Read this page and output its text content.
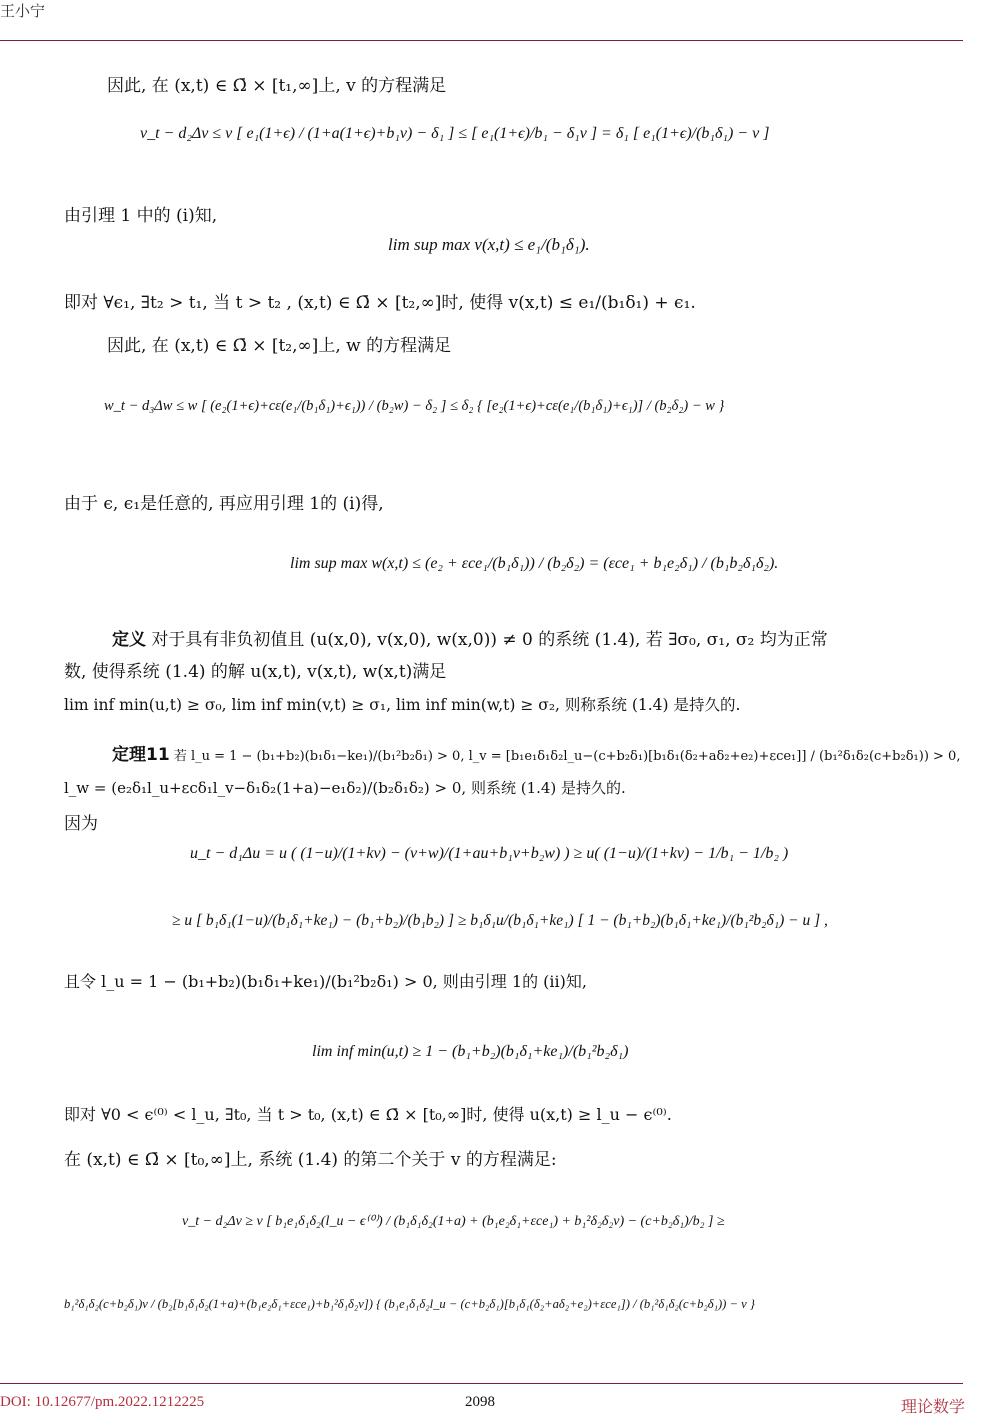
王小宁
因此, 在 (x,t) ∈ Ω̄ × [t₁,∞]上, v 的方程满足
v_t − d₂Δv ≤ v [ e₁(1+ϵ) / (1+a(1+ϵ)+b₁v) − δ₁ ] ≤ [ e₁(1+ϵ)/b₁ − δ₁v ] = δ₁ [ e₁(1+ϵ)/(b₁δ₁) − v ]
由引理 1 中的 (i)知,
lim sup max v(x,t) ≤ e₁/(b₁δ₁).
即对 ∀ϵ₁, ∃t₂ > t₁, 当 t > t₂ , (x,t) ∈ Ω̄ × [t₂,∞]时, 使得 v(x,t) ≤ e₁/(b₁δ₁) + ϵ₁.
因此, 在 (x,t) ∈ Ω̄ × [t₂,∞]上, w 的方程满足
w_t − d₃Δw ≤ w [ (e₂(1+ϵ)+cε(e₁/(b₁δ₁)+ϵ₁)) / (b₂w) − δ₂ ] ≤ δ₂ { [e₂(1+ϵ)+cε(e₁/(b₁δ₁)+ϵ₁)] / (b₂δ₂) − w }
由于 ϵ, ϵ₁是任意的, 再应用引理 1的 (i)得,
lim sup max w(x,t) ≤ (e₂ + εce₁/(b₁δ₁)) / (b₂δ₂) = (εce₁ + b₁e₂δ₁) / (b₁b₂δ₁δ₂).
定义 对于具有非负初值且 (u(x,0), v(x,0), w(x,0)) ≠ 0 的系统 (1.4), 若 ∃σ₀, σ₁, σ₂ 均为正常
数, 使得系统 (1.4) 的解 u(x,t), v(x,t), w(x,t)满足
lim inf min(u,t) ≥ σ₀, lim inf min(v,t) ≥ σ₁, lim inf min(w,t) ≥ σ₂, 则称系统 (1.4) 是持久的.
定理11 若 l_u = 1 − (b₁+b₂)(b₁δ₁−ke₁)/(b₁²b₂δ₁) > 0, l_v = [b₁e₁δ₁δ₂l_u−(c+b₂δ₁)[b₁δ₁(δ₂+aδ₂+e₂)+εce₁]] / (b₁²δ₁δ₂(c+b₂δ₁)) > 0,
l_w = (e₂δ₁l_u+εcδ₁l_v−δ₁δ₂(1+a)−e₁δ₂)/(b₂δ₁δ₂) > 0, 则系统 (1.4) 是持久的.
因为
u_t − d₁Δu = u ( (1−u)/(1+kv) − (v+w)/(1+au+b₁v+b₂w) ) ≥ u( (1−u)/(1+kv) − 1/b₁ − 1/b₂ )
≥ u [ b₁δ₁(1−u)/(b₁δ₁+ke₁) − (b₁+b₂)/(b₁b₂) ] ≥ b₁δ₁u/(b₁δ₁+ke₁) [ 1 − (b₁+b₂)(b₁δ₁+ke₁)/(b₁²b₂δ₁) − u ] ,
且令 l_u = 1 − (b₁+b₂)(b₁δ₁+ke₁)/(b₁²b₂δ₁) > 0, 则由引理 1的 (ii)知,
lim inf min(u,t) ≥ 1 − (b₁+b₂)(b₁δ₁+ke₁)/(b₁²b₂δ₁)
即对 ∀0 < ϵ⁽⁰⁾ < l_u, ∃t₀, 当 t > t₀, (x,t) ∈ Ω̄ × [t₀,∞]时, 使得 u(x,t) ≥ l_u − ϵ⁽⁰⁾.
在 (x,t) ∈ Ω̄ × [t₀,∞]上, 系统 (1.4) 的第二个关于 v 的方程满足:
v_t − d₂Δv ≥ v [ b₁e₁δ₁δ₂(l_u − ϵ⁽⁰⁾) / (b₁δ₁δ₂(1+a) + (b₁e₂δ₁+εce₁) + b₁²δ₂δ₂v) − (c+b₂δ₁)/b₂ ] ≥
b₁²δ₁δ₂(c+b₂δ₁)v / (b₂[b₁δ₁δ₂(1+a)+(b₁e₂δ₁+εce₁)+b₁²δ₁δ₂v]) { (b₁e₁δ₁δ₂l_u − (c+b₂δ₁)[b₁δ₁(δ₂+aδ₂+e₂)+εce₁]) / (b₁²δ₁δ₂(c+b₂δ₁)) − v }
DOI: 10.12677/pm.2022.1212225	2098	理论数学
